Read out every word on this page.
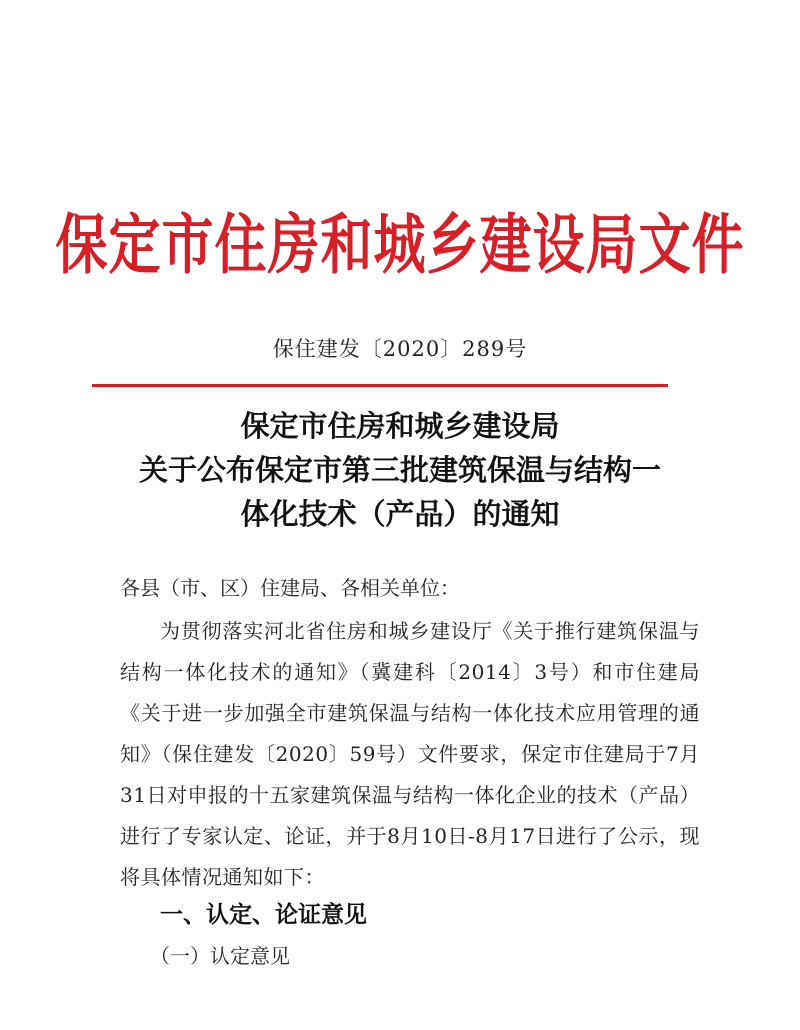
保定市住房和城乡建设局文件
保住建发〔2020〕289号
保定市住房和城乡建设局
关于公布保定市第三批建筑保温与结构一
体化技术（产品）的通知
各县（市、区）住建局、各相关单位：
为贯彻落实河北省住房和城乡建设厅《关于推行建筑保温与结构一体化技术的通知》（冀建科〔2014〕3号）和市住建局《关于进一步加强全市建筑保温与结构一体化技术应用管理的通知》（保住建发〔2020〕59号）文件要求，保定市住建局于7月31日对申报的十五家建筑保温与结构一体化企业的技术（产品）进行了专家认定、论证，并于8月10日-8月17日进行了公示，现将具体情况通知如下：
一、认定、论证意见
（一）认定意见
